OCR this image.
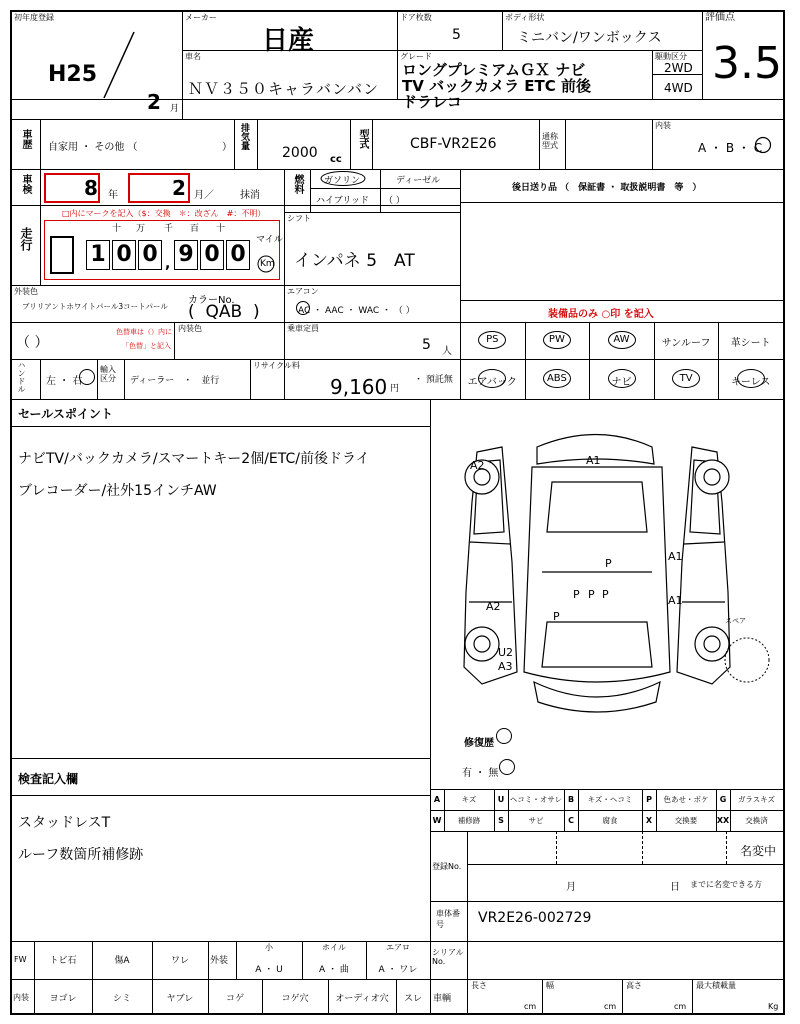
初年度登録
H25
2 月
メーカー
日産
車名
ＮＶ３５０キャラバンバン
ドア枚数
5
ボディ形状
ミニバン/ワンボックス
グレード
ロングプレミアムＧＸ ナビ
TV バックカメラ ETC 前後
ドラレコ
駆動区分
2WD
4WD
評価点
3.5
車歴 自家用 ・ その他 （	） 排気量
2000 cc
型式	CBF-VR2E26	通称型式
内装
A ・ B ・ C
車検	8 年	2 月／	抹消
燃料 ガソリン	ディーゼル
ハイブリッド （ ）
後日送り品 （　保証書 ・ 取扱説明書　等　）
走行
□内にマークを記入（$：交換　＊：改ざん　#：不明）
十 万 千 百 十
1 0 0 , 9 0 0
マイル
Km
シフト
インパネ 5　AT
外装色
ブリリアントホワイトパール3コートパール
カラーNo.
(  QAB  )
エアコン
AC ・ AAC ・ WAC ・ （ ）	装備品のみ ○印 を記入
（ ）
色替車は（）内に
「色替」と記入
内装色	乗車定員
5 人
PS	PW	AW	サンルーフ	革シート
エアバック	ABS	ナビ	TV	キーレス
ハンドル 左 ・ 右
輸入区分	ディーラー　・　並行
リサイクル料
9,160 円
・ 預託無
セールスポイント
ナビTV/バックカメラ/スマートキー2個/ETC/前後ドライ
ブレコーダー/社外15インチAW
検査記入欄
スタッドレスT
ルーフ数箇所補修跡
A1
A2
P
A1
A1
A2
P
P P P
U2
A3
スペア
修復歴
有 ・ 無
A	キズ	U ヘコミ・オサレ B	キズ・ヘコミ	P	色あせ・ボケ	G	ガラスキズ
W	補修跡	S	サビ	C	腐食	X	交換要	XX	交換済
登録No.
名変中
月	日 までに名変できる方
車体番号	VR2E26-002729
FW	トビ石	傷A	ワレ	外装
小
A ・ U
ホイル
A ・ 曲
エアロ
A ・ ワレ
シリアルNo.
内装	ヨゴレ	シミ	ヤブレ	コゲ	コゲ穴	オーディオ穴	スレ	車輌
長さ	幅	高さ	最大積載量
cm	cm	cm	Kg
